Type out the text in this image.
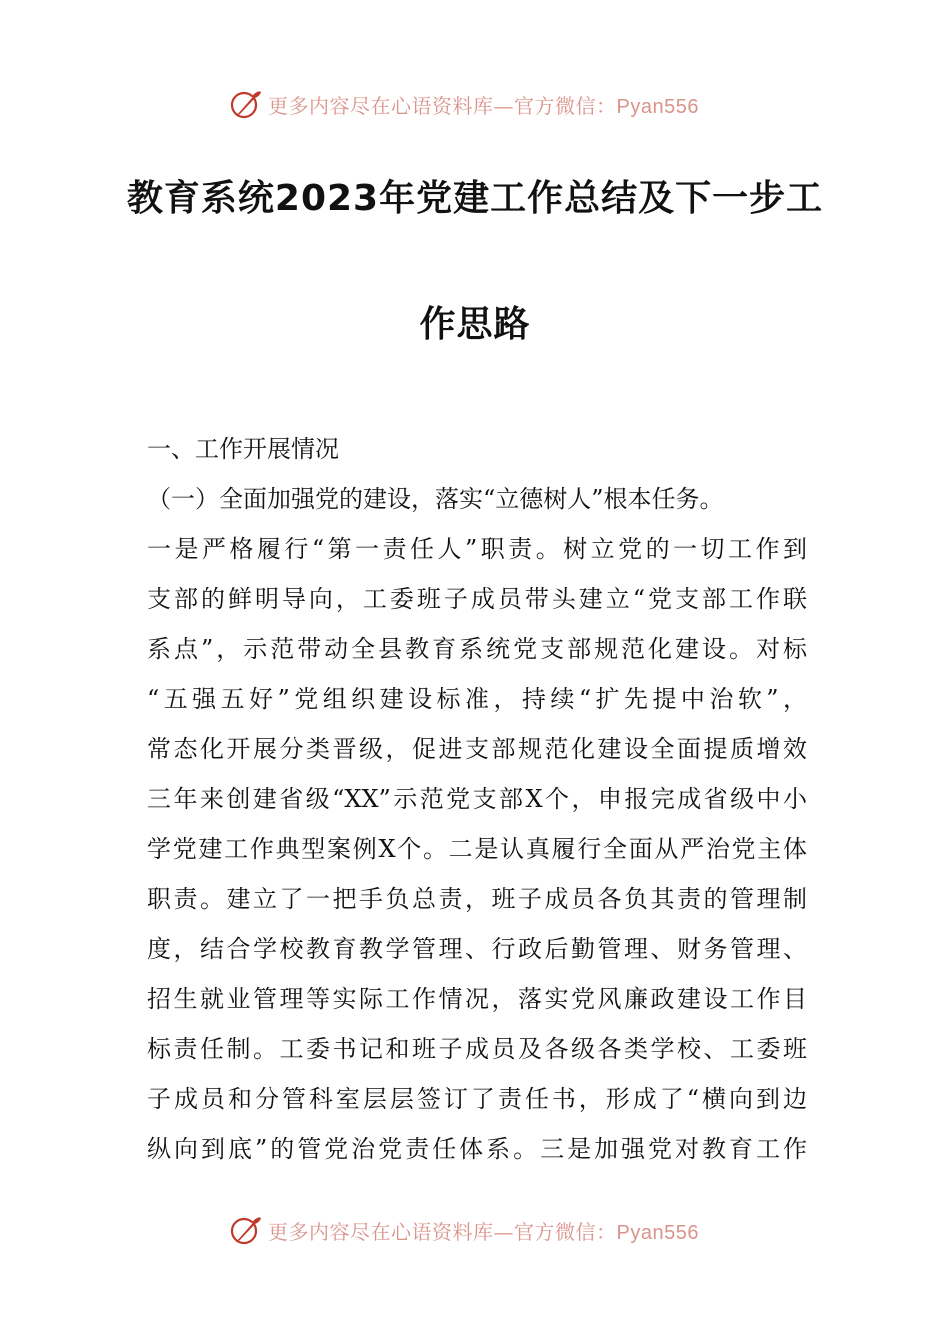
更多内容尽在心语资料库—官方微信：Pyan556
教育系统2023年党建工作总结及下一步工
作思路
一、工作开展情况
（一）全面加强党的建设，落实“立德树人”根本任务。
一是严格履行“第一责任人”职责。树立党的一切工作到
支部的鲜明导向，工委班子成员带头建立“党支部工作联
系点”，示范带动全县教育系统党支部规范化建设。对标
“五强五好”党组织建设标准，持续“扩先提中治软”，
常态化开展分类晋级，促进支部规范化建设全面提质增效
三年来创建省级“XX”示范党支部X个，申报完成省级中小
学党建工作典型案例X个。二是认真履行全面从严治党主体
职责。建立了一把手负总责，班子成员各负其责的管理制
度，结合学校教育教学管理、行政后勤管理、财务管理、
招生就业管理等实际工作情况，落实党风廉政建设工作目
标责任制。工委书记和班子成员及各级各类学校、工委班
子成员和分管科室层层签订了责任书，形成了“横向到边
纵向到底”的管党治党责任体系。三是加强党对教育工作
更多内容尽在心语资料库—官方微信：Pyan556
